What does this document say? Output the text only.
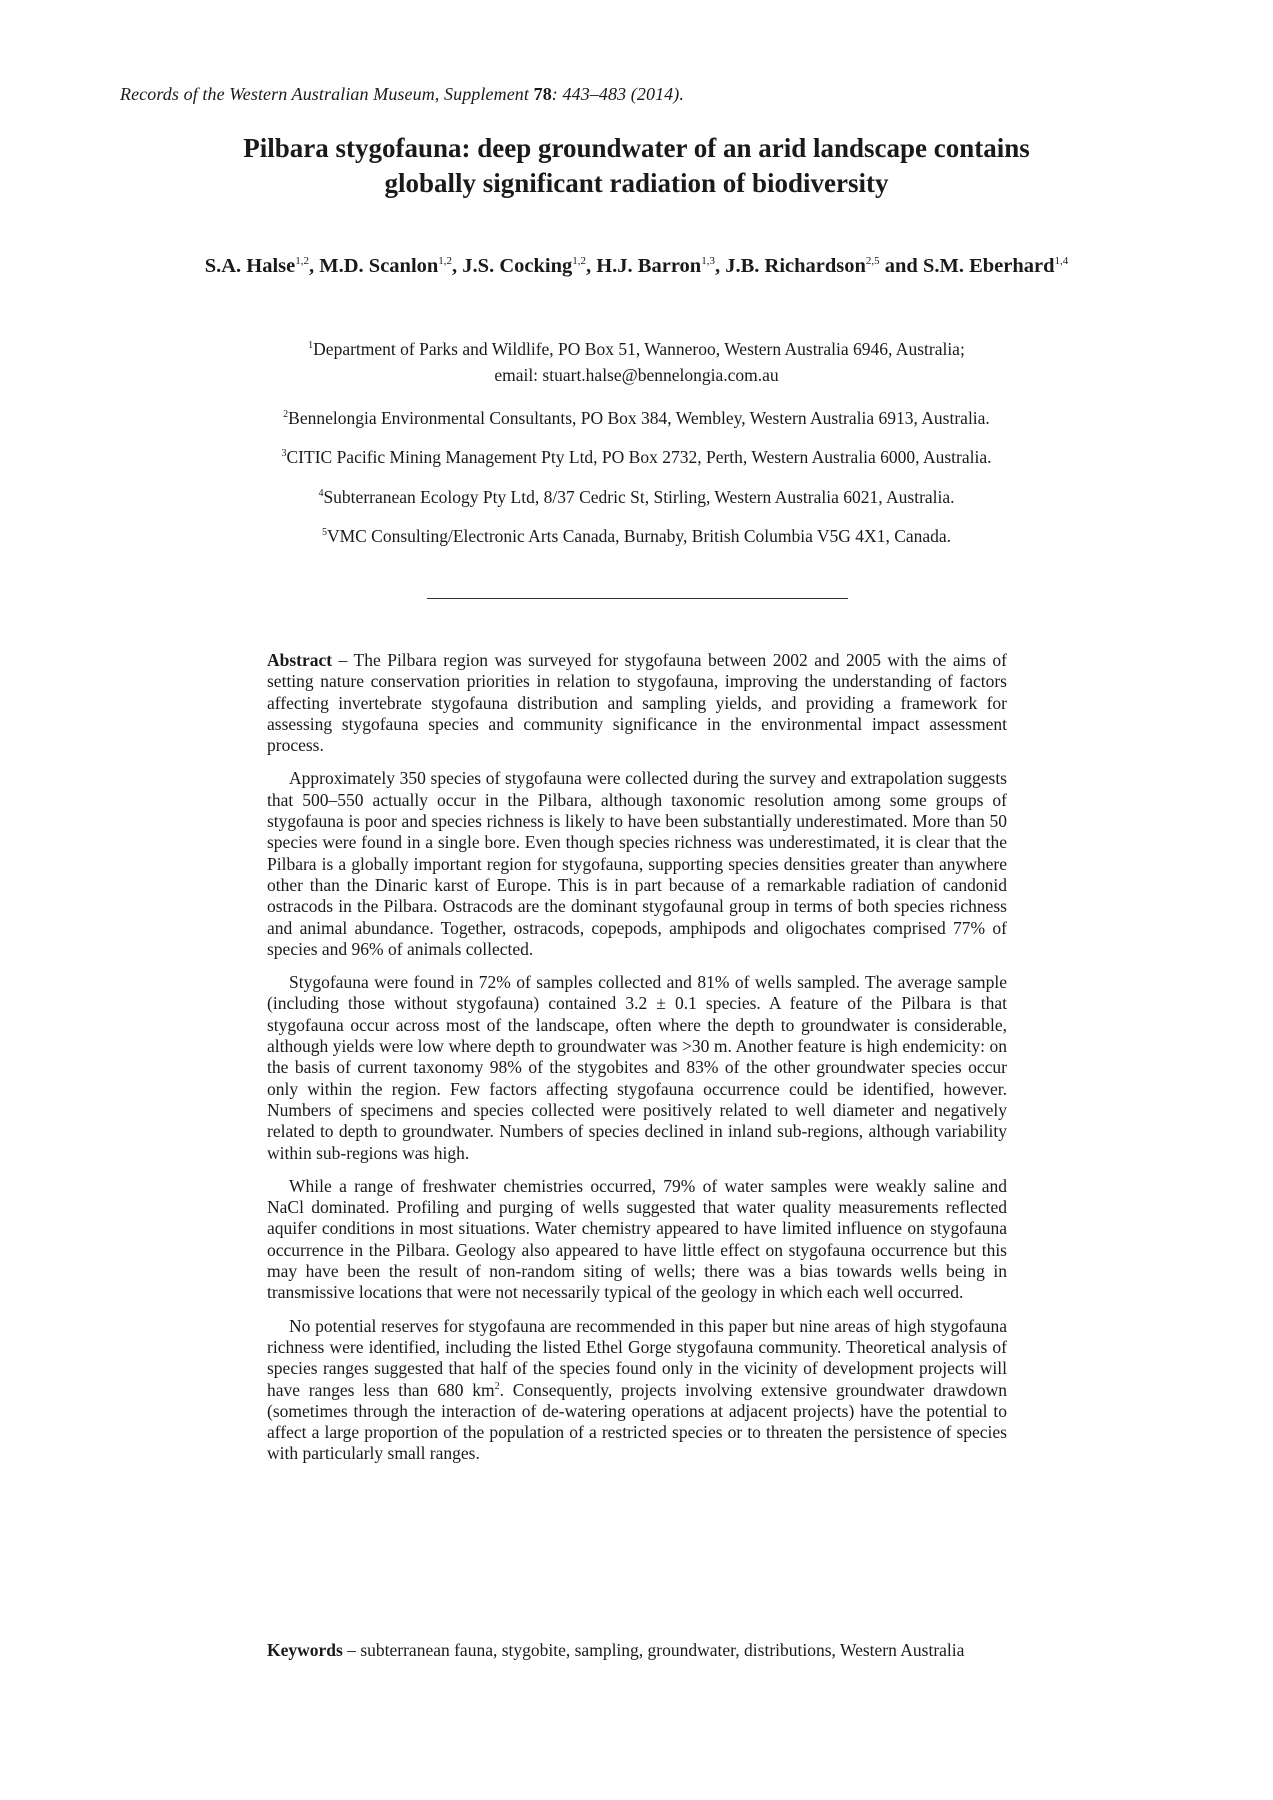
Records of the Western Australian Museum, Supplement 78: 443–483 (2014).
Pilbara stygofauna: deep groundwater of an arid landscape contains
globally significant radiation of biodiversity
S.A. Halse$^{1,2}$, M.D. Scanlon$^{1,2}$, J.S. Cocking$^{1,2}$, H.J. Barron$^{1,3}$, J.B. Richardson$^{2,5}$ and S.M. Eberhard$^{1,4}$
$^1$Department of Parks and Wildlife, PO Box 51, Wanneroo, Western Australia 6946, Australia;
email: stuart.halse@bennelongia.com.au
$^2$Bennelongia Environmental Consultants, PO Box 384, Wembley, Western Australia 6913, Australia.
$^3$CITIC Pacific Mining Management Pty Ltd, PO Box 2732, Perth, Western Australia 6000, Australia.
$^4$Subterranean Ecology Pty Ltd, 8/37 Cedric St, Stirling, Western Australia 6021, Australia.
$^5$VMC Consulting/Electronic Arts Canada, Burnaby, British Columbia V5G 4X1, Canada.

Abstract – The Pilbara region was surveyed for stygofauna between 2002 and 2005 with the aims of setting nature conservation priorities in relation to stygofauna, improving the understanding of factors affecting invertebrate stygofauna distribution and sampling yields, and providing a framework for assessing stygofauna species and community significance in the environmental impact assessment process.

Approximately 350 species of stygofauna were collected during the survey and extrapolation suggests that 500–550 actually occur in the Pilbara, although taxonomic resolution among some groups of stygofauna is poor and species richness is likely to have been substantially underestimated. More than 50 species were found in a single bore. Even though species richness was underestimated, it is clear that the Pilbara is a globally important region for stygofauna, supporting species densities greater than anywhere other than the Dinaric karst of Europe. This is in part because of a remarkable radiation of candonid ostracods in the Pilbara. Ostracods are the dominant stygofaunal group in terms of both species richness and animal abundance. Together, ostracods, copepods, amphipods and oligochates comprised 77% of species and 96% of animals collected.

Stygofauna were found in 72% of samples collected and 81% of wells sampled. The average sample (including those without stygofauna) contained 3.2 ± 0.1 species. A feature of the Pilbara is that stygofauna occur across most of the landscape, often where the depth to groundwater is considerable, although yields were low where depth to groundwater was >30 m. Another feature is high endemicity: on the basis of current taxonomy 98% of the stygobites and 83% of the other groundwater species occur only within the region. Few factors affecting stygofauna occurrence could be identified, however. Numbers of specimens and species collected were positively related to well diameter and negatively related to depth to groundwater. Numbers of species declined in inland sub-regions, although variability within sub-regions was high.

While a range of freshwater chemistries occurred, 79% of water samples were weakly saline and NaCl dominated. Profiling and purging of wells suggested that water quality measurements reflected aquifer conditions in most situations. Water chemistry appeared to have limited influence on stygofauna occurrence in the Pilbara. Geology also appeared to have little effect on stygofauna occurrence but this may have been the result of non-random siting of wells; there was a bias towards wells being in transmissive locations that were not necessarily typical of the geology in which each well occurred.

No potential reserves for stygofauna are recommended in this paper but nine areas of high stygofauna richness were identified, including the listed Ethel Gorge stygofauna community. Theoretical analysis of species ranges suggested that half of the species found only in the vicinity of development projects will have ranges less than 680 $km^2$. Consequently, projects involving extensive groundwater drawdown (sometimes through the interaction of de-watering operations at adjacent projects) have the potential to affect a large proportion of the population of a restricted species or to threaten the persistence of species with particularly small ranges.

Keywords – subterranean fauna, stygobite, sampling, groundwater, distributions, Western Australia
